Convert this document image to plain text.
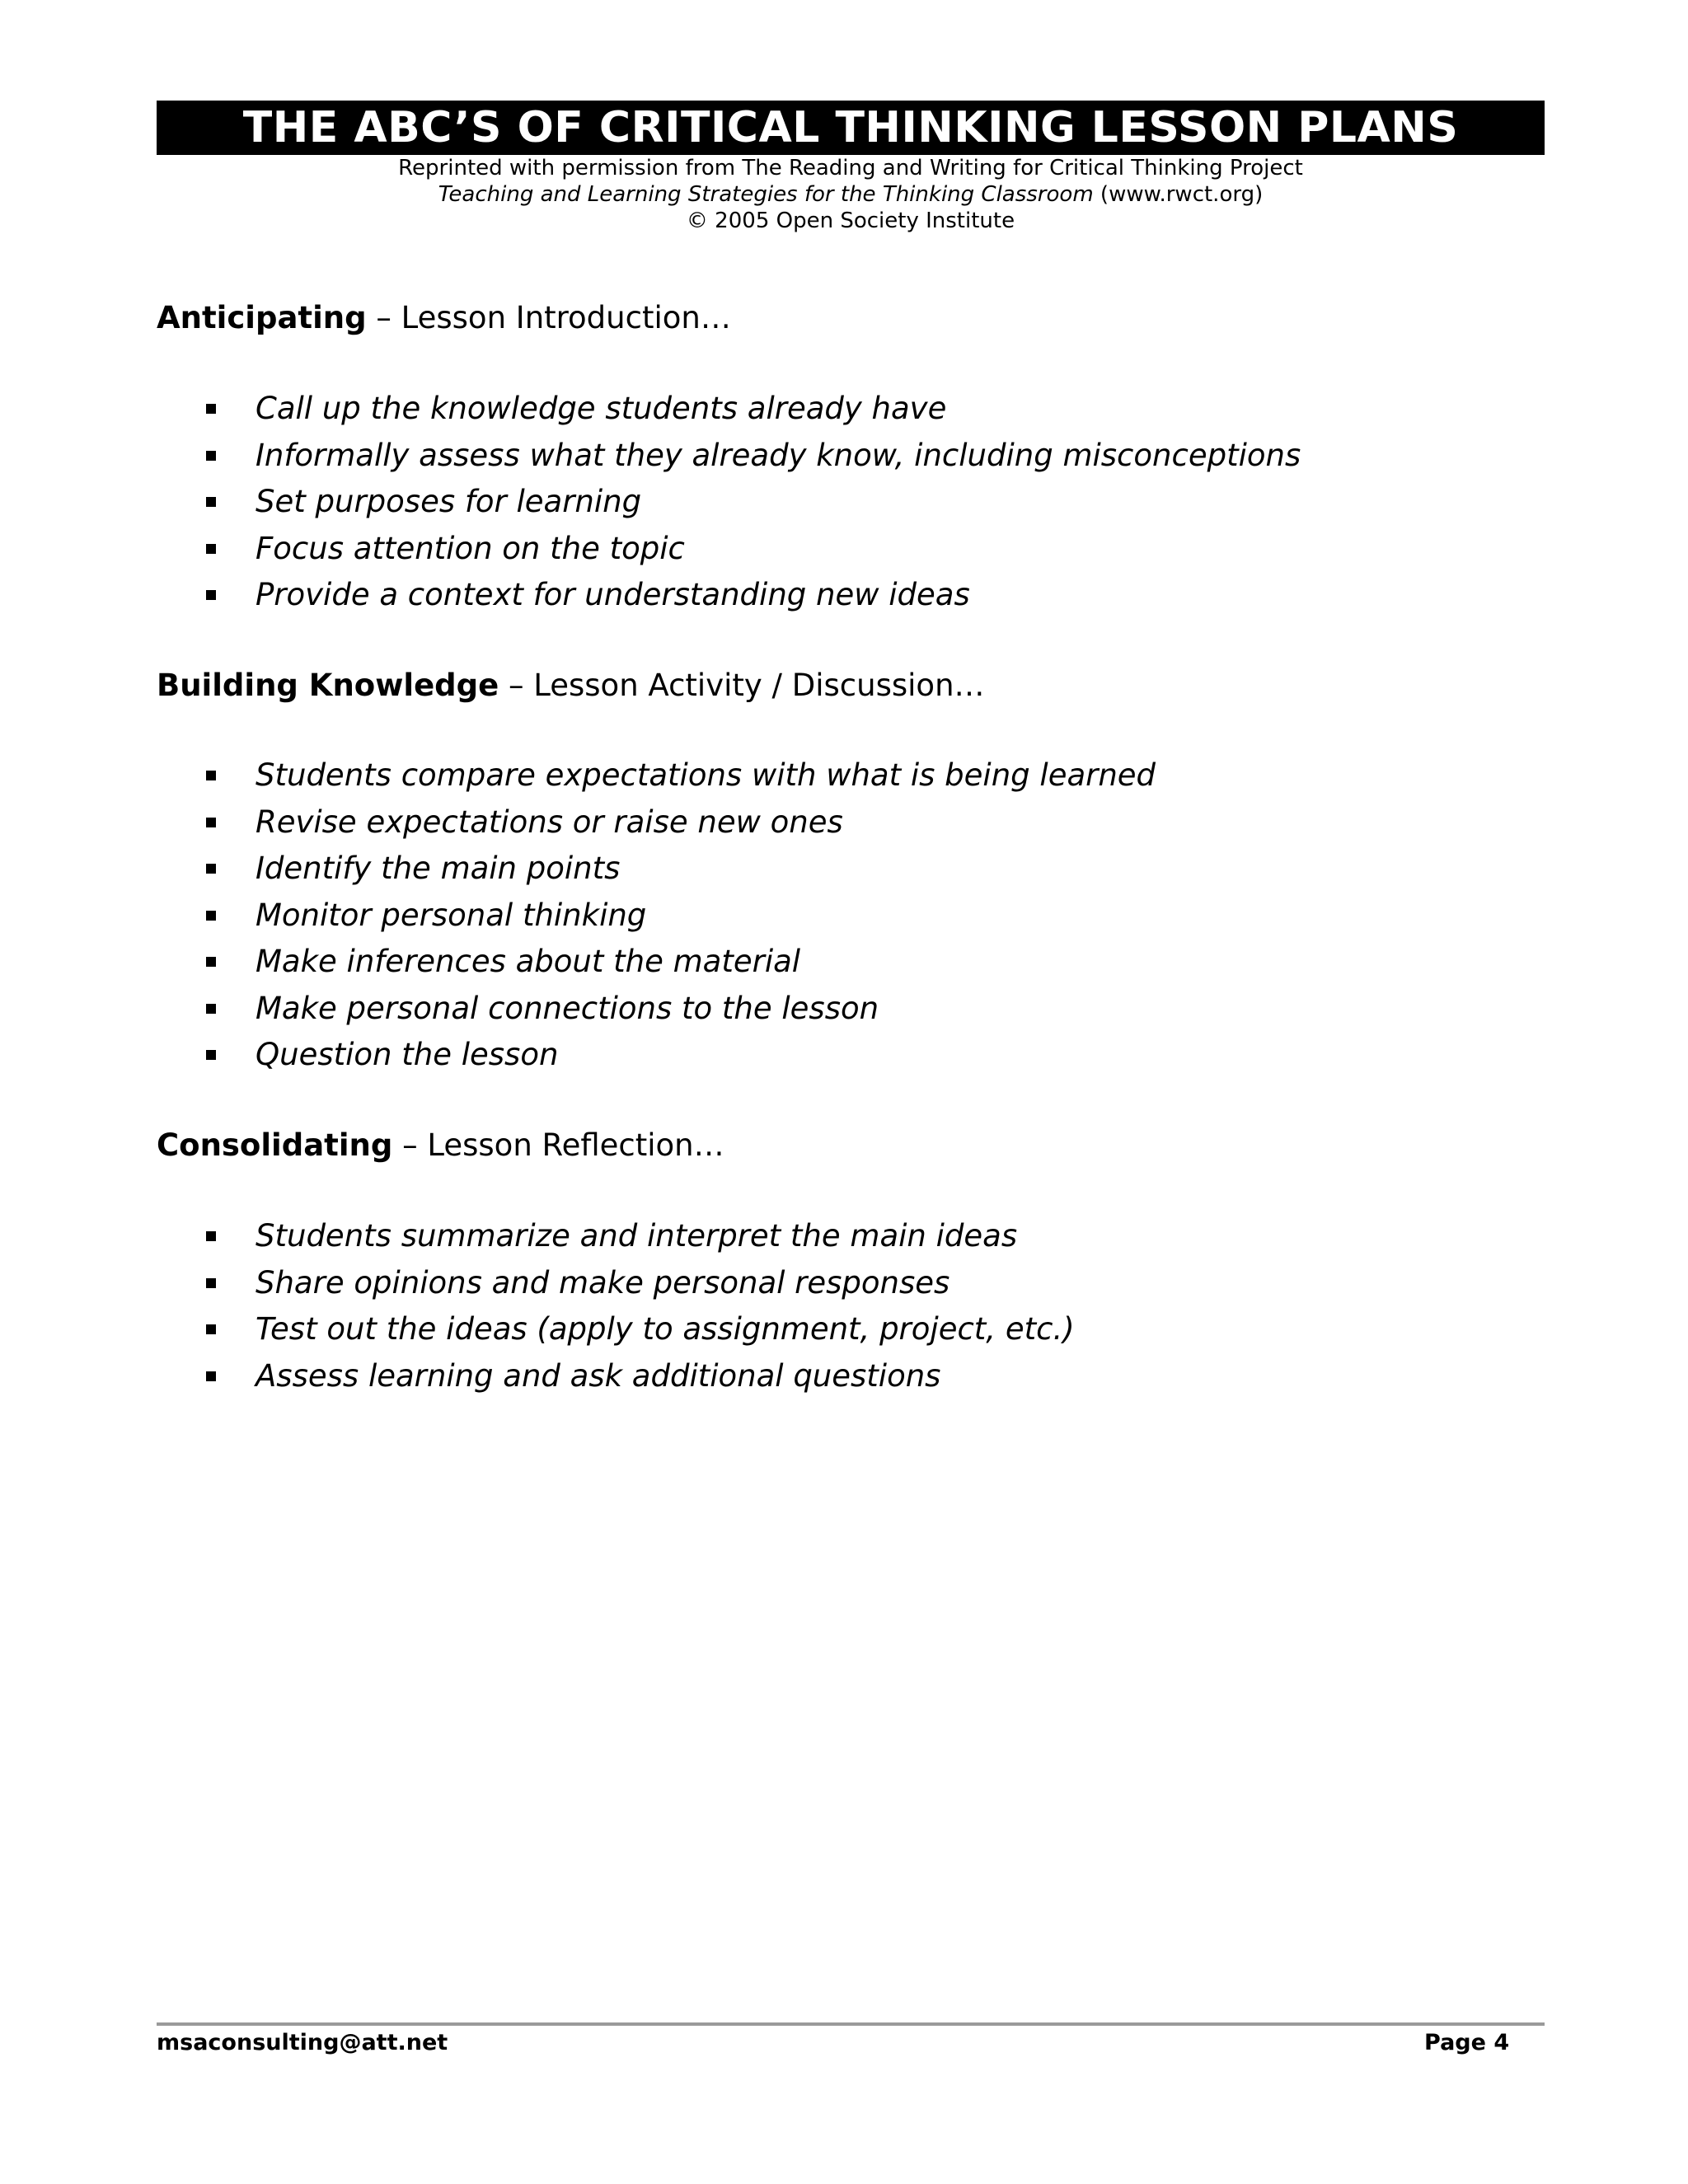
THE ABC’S OF CRITICAL THINKING LESSON PLANS
Reprinted with permission from The Reading and Writing for Critical Thinking Project
Teaching and Learning Strategies for the Thinking Classroom (www.rwct.org)
© 2005 Open Society Institute
Anticipating – Lesson Introduction…
Call up the knowledge students already have
Informally assess what they already know, including misconceptions
Set purposes for learning
Focus attention on the topic
Provide a context for understanding new ideas
Building Knowledge – Lesson Activity / Discussion…
Students compare expectations with what is being learned
Revise expectations or raise new ones
Identify the main points
Monitor personal thinking
Make inferences about the material
Make personal connections to the lesson
Question the lesson
Consolidating – Lesson Reflection…
Students summarize and interpret the main ideas
Share opinions and make personal responses
Test out the ideas (apply to assignment, project, etc.)
Assess learning and ask additional questions
msaconsulting@att.net	Page 4
